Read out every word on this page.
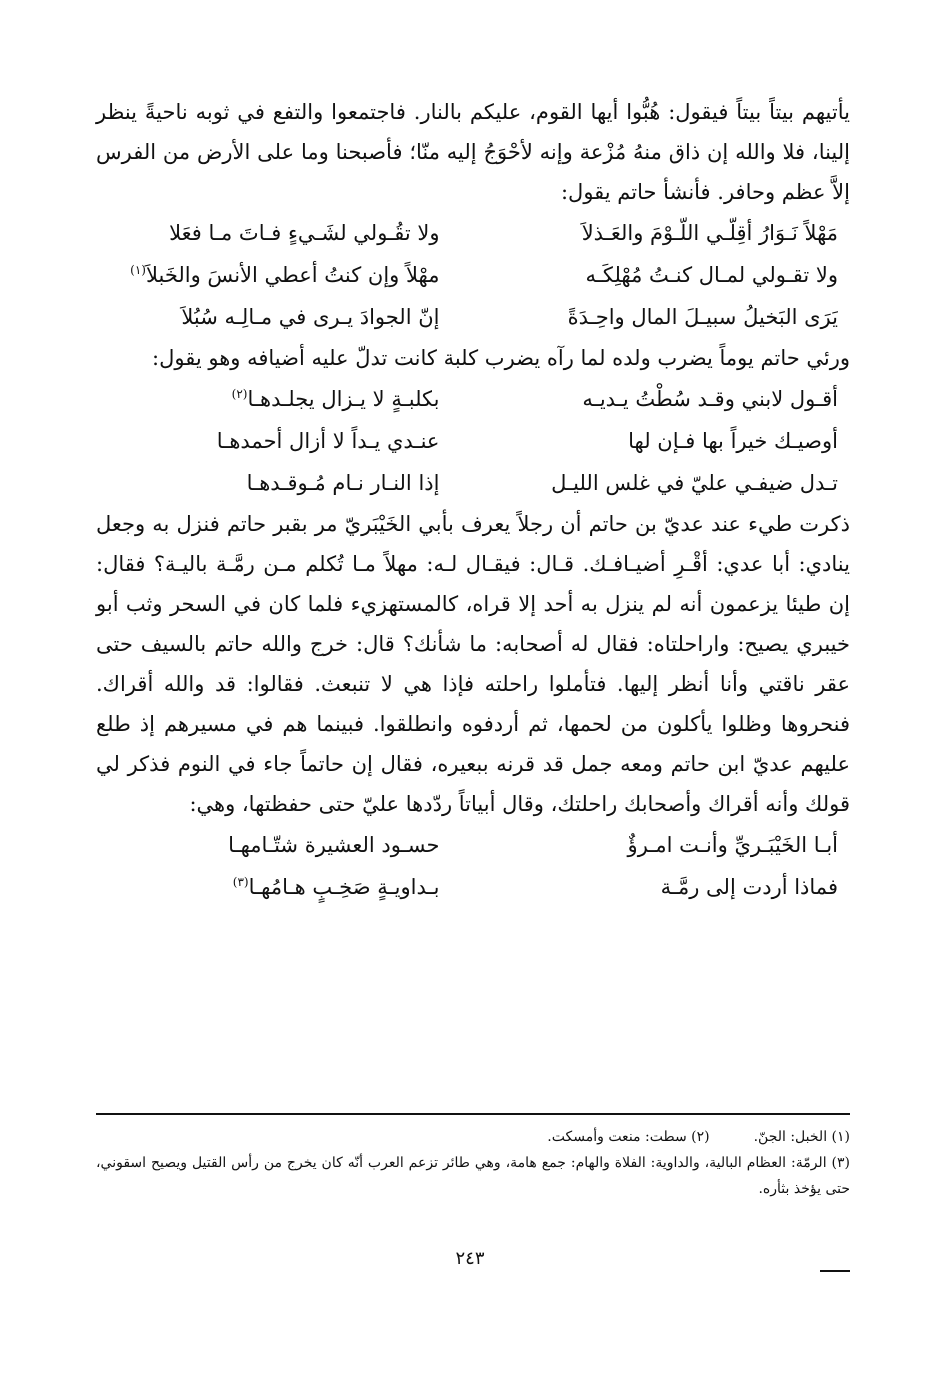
يأتيهم بيتاً بيتاً فيقول: هُبُّوا أيها القوم، عليكم بالنار. فاجتمعوا والتفع في ثوبه ناحيةً ينظر إلينا، فلا والله إن ذاق منهُ مُزْعة وإنه لأحْوَجُ إليه منّا؛ فأصبحنا وما على الأرض من الفرس إلاَّ عظم وحافر. فأنشأ حاتم يقول:

مَهْلاً نَـوَارُ أقِلّـي اللّـوْمَ والعَـذلاَ
ولا تقُـولي لشَـيءٍ فـاتَ مـا فعَلا
ولا تقـولي لمـال كنـتُ مُهْلِكَـه
مهْلاً وإن كنتُ أعطي الأنسَ والخَبلاَ$^{(١)}$
يَرَى البَخيلُ سبيـلَ المال واحِـدَةً
إنّ الجوادَ يـرى في مـالِـه سُبُلاَ

ورئي حاتم يوماً يضرب ولده لما رآه يضرب كلبة كانت تدلّ عليه أضيافه وهو يقول:

أقـول لابني وقـد سُطْتُ يـديـه
بكلبـةٍ لا يـزال يجلـدهـا$^{(٢)}$
أوصيـك خيراً بها فـإن لها
عنـدي يـداً لا أزال أحمدهـا
تـدل ضيفـي عليّ في غلس الليـل
إذا النـار نـام مُـوقـدهـا

ذكرت طيء عند عديّ بن حاتم أن رجلاً يعرف بأبي الخَيْبَريّ مر بقبر حاتم فنزل به وجعل ينادي: أبا عدي: أقْـرِ أضيـافـك. قـال: فيقـال لـه: مهلاً مـا تُكلم مـن رمَّـة باليـة؟ فقال: إن طيئا يزعمون أنه لم ينزل به أحد إلا قراه، كالمستهزيء فلما كان في السحر وثب أبو خيبري يصيح: واراحلتاه: فقال له أصحابه: ما شأنك؟ قال: خرج والله حاتم بالسيف حتى عقر ناقتي وأنا أنظر إليها. فتأملوا راحلته فإذا هي لا تنبعث. فقالوا: قد والله أقراك. فنحروها وظلوا يأكلون من لحمها، ثم أردفوه وانطلقوا. فبينما هم في مسيرهم إذ طلع عليهم عديّ ابن حاتم ومعه جمل قد قرنه ببعيره، فقال إن حاتماً جاء في النوم فذكر لي قولك وأنه أقراك وأصحابك راحلتك، وقال أبياتاً ردّدها عليّ حتى حفظتها، وهي:

أبـا الخَيْبَـريِّ وأنـت امـرؤٌ
حسـود العشيرة شتّـامهـا
فماذا أردت إلى رمَّـة
بـداويـةٍ صَخِـبٍ هـامُهـا$^{(٣)}$

(١) الخبل: الجنّ.(٢) سطت: منعت وأمسكت.

(٣) الرمّة: العظام البالية، والداوية: الفلاة والهام: جمع هامة، وهي طائر تزعم العرب أنّه كان يخرج من رأس القتيل ويصيح اسقوني، حتى يؤخذ بثأره.

٢٤٣
